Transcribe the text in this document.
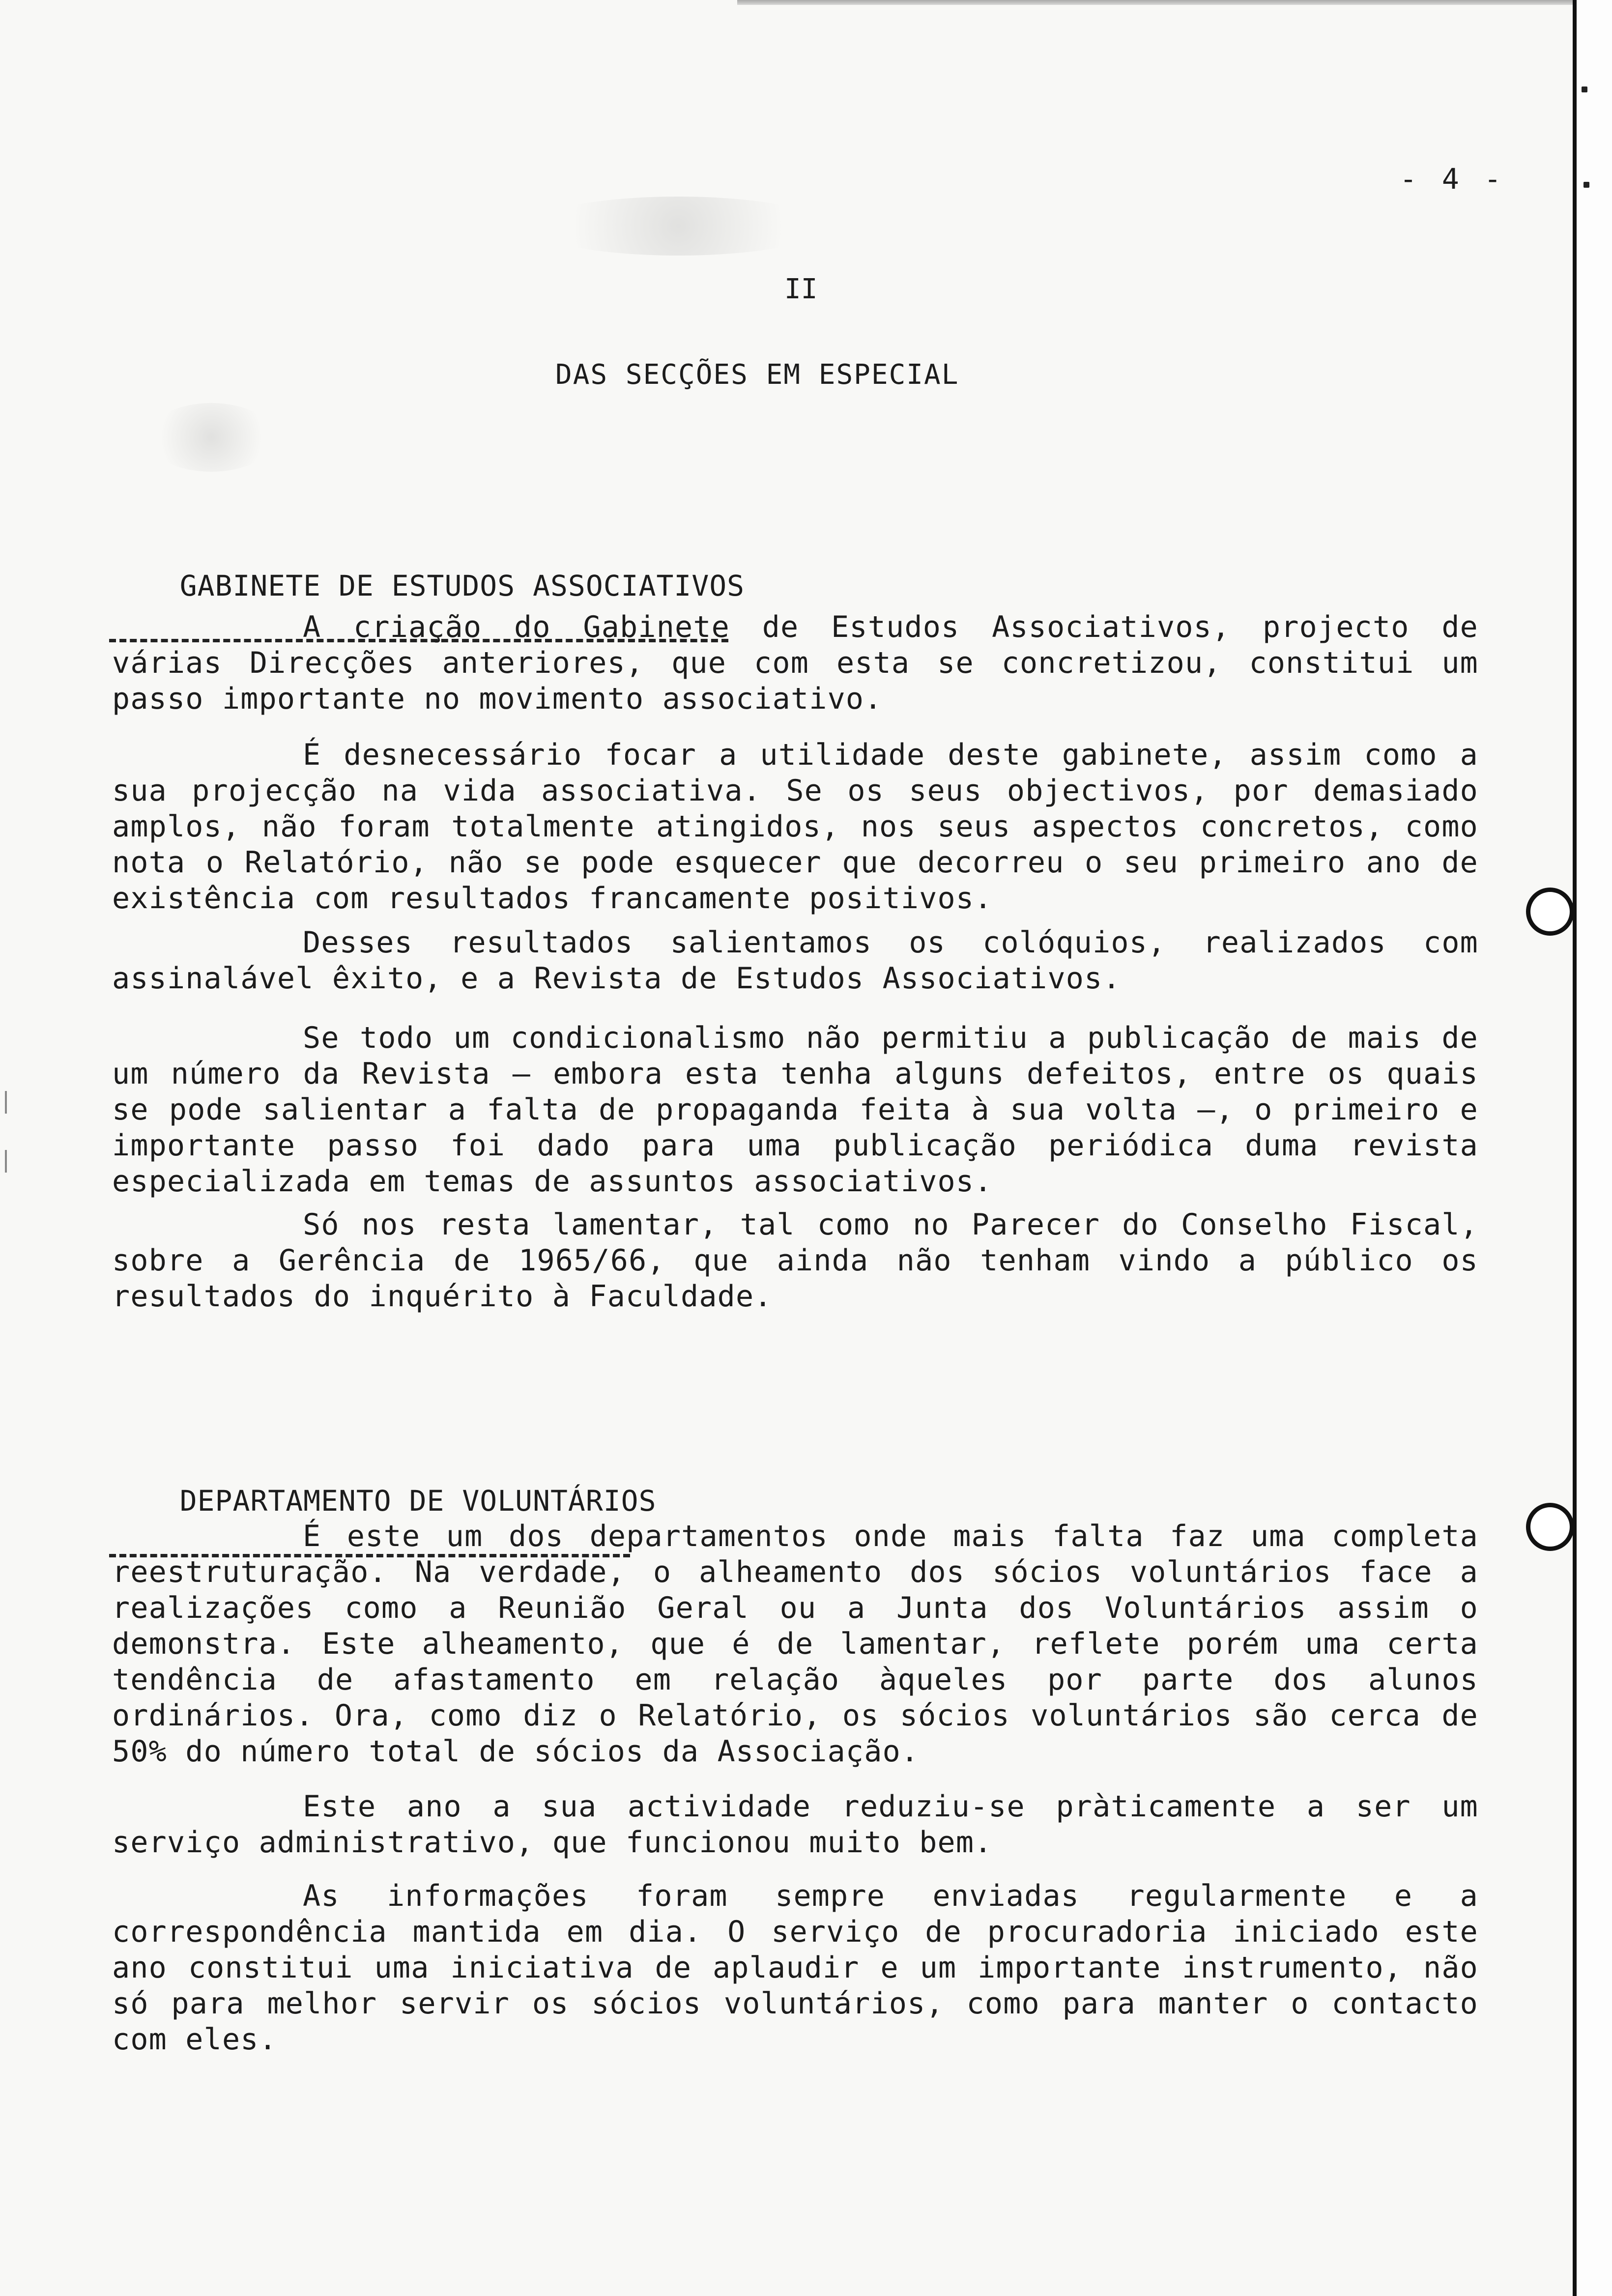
- 4 -
II
DAS SECÇÕES EM ESPECIAL

GABINETE DE ESTUDOS ASSOCIATIVOS

A criação do Gabinete de Estudos Associativos, projecto de várias Direcções anteriores, que com esta se concretizou, constitui um passo importante no movimento associativo.

É desnecessário focar a utilidade deste gabinete, assim como a sua projecção na vida associativa. Se os seus objectivos, por demasiado amplos, não foram totalmente atingidos, nos seus aspectos concretos, como nota o Relatório, não se pode esquecer que decorreu o seu primeiro ano de existência com resultados francamente positivos.

Desses resultados salientamos os colóquios, realizados com assinalável êxito, e a Revista de Estudos Associativos.

Se todo um condicionalismo não permitiu a publicação de mais de um número da Revista — embora esta tenha alguns defeitos, entre os quais se pode salientar a falta de propaganda feita à sua volta —, o primeiro e importante passo foi dado para uma publicação periódica duma revista especializada em temas de assuntos associativos.

Só nos resta lamentar, tal como no Parecer do Conselho Fiscal, sobre a Gerência de 1965/66, que ainda não tenham vindo a público os resultados do inquérito à Faculdade.

DEPARTAMENTO DE VOLUNTÁRIOS

É este um dos departamentos onde mais falta faz uma completa reestruturação. Na verdade, o alheamento dos sócios voluntários face a realizações como a Reunião Geral ou a Junta dos Voluntários assim o demonstra. Este alheamento, que é de lamentar, reflete porém uma certa tendência de afastamento em relação àqueles por parte dos alunos ordinários. Ora, como diz o Relatório, os sócios voluntários são cerca de 50% do número total de sócios da Associação.

Este ano a sua actividade reduziu-se pràticamente a ser um serviço administrativo, que funcionou muito bem.

As informações foram sempre enviadas regularmente e a correspondência mantida em dia. O serviço de procuradoria iniciado este ano constitui uma iniciativa de aplaudir e um importante instrumento, não só para melhor servir os sócios voluntários, como para manter o contacto com eles.
